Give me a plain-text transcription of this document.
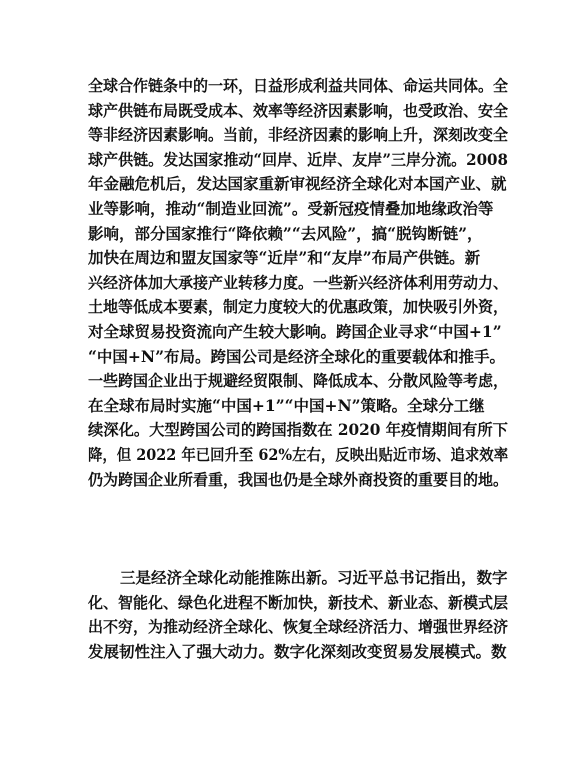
全球合作链条中的一环，日益形成利益共同体、命运共同体。全
球产供链布局既受成本、效率等经济因素影响，也受政治、安全
等非经济因素影响。当前，非经济因素的影响上升，深刻改变全
球产供链。发达国家推动“回岸、近岸、友岸”三岸分流。2008
年金融危机后，发达国家重新审视经济全球化对本国产业、就
业等影响，推动“制造业回流”。受新冠疫情叠加地缘政治等
影响，部分国家推行“降依赖”“去风险”，搞“脱钩断链”，
加快在周边和盟友国家等“近岸”和“友岸”布局产供链。新
兴经济体加大承接产业转移力度。一些新兴经济体利用劳动力、
土地等低成本要素，制定力度较大的优惠政策，加快吸引外资，
对全球贸易投资流向产生较大影响。跨国企业寻求“中国+1”
“中国+N”布局。跨国公司是经济全球化的重要载体和推手。
一些跨国企业出于规避经贸限制、降低成本、分散风险等考虑，
在全球布局时实施“中国+1”“中国+N”策略。全球分工继
续深化。大型跨国公司的跨国指数在 2020 年疫情期间有所下
降，但 2022 年已回升至 62%左右，反映出贴近市场、追求效率
仍为跨国企业所看重，我国也仍是全球外商投资的重要目的地。
三是经济全球化动能推陈出新。习近平总书记指出，数字
化、智能化、绿色化进程不断加快，新技术、新业态、新模式层
出不穷，为推动经济全球化、恢复全球经济活力、增强世界经济
发展韧性注入了强大动力。数字化深刻改变贸易发展模式。数
